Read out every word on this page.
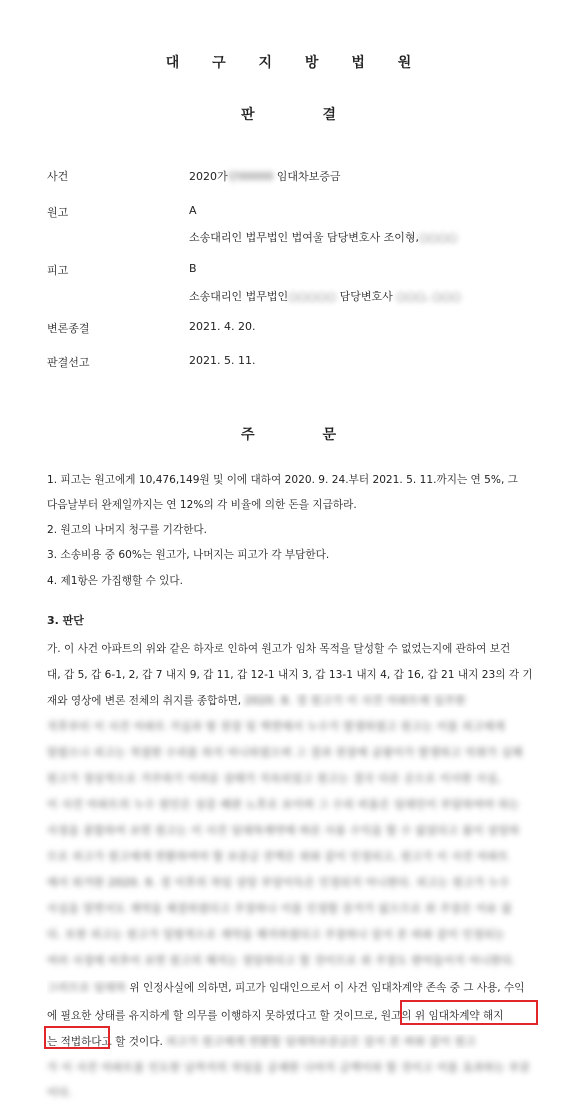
대 구 지 방 법 원
판	결
사건	2020가단00000 임대차보증금
원고	A
소송대리인 법무법인 법여울 담당변호사 조이형,○○○○
피고	B
소송대리인 법무법인○○○○○ 담당변호사 ○○○, ○○○
변론종결	2021. 4. 20.
판결선고	2021. 5. 11.
주	문
1. 피고는 원고에게 10,476,149원 및 이에 대하여 2020. 9. 24.부터 2021. 5. 11.까지는 연 5%, 그
다음날부터 완제일까지는 연 12%의 각 비율에 의한 돈을 지급하라.
2. 원고의 나머지 청구를 기각한다.
3. 소송비용 중 60%는 원고가, 나머지는 피고가 각 부담한다.
4. 제1항은 가집행할 수 있다.
3. 판단
가. 이 사건 아파트의 위와 같은 하자로 인하여 원고가 임차 목적을 달성할 수 없었는지에 관하여 보건
대, 갑 5, 갑 6-1, 2, 갑 7 내지 9, 갑 11, 갑 12-1 내지 3, 갑 13-1 내지 4, 갑 16, 갑 21 내지 23의 각 기
재와 영상에 변론 전체의 취지를 종합하면, 2020. 8. 경 원고가 이 사건 아파트에 입주한
직후부터 이 사건 아파트 거실과 방 천장 및 벽면에서 누수가 발생하였고 원고는 이를 피고에게
알렸으나 피고는 적절한 수리를 하지 아니하였으며 그 결과 천장에 곰팡이가 발생하고 악취가 심해
원고가 정상적으로 거주하기 어려운 상태가 지속되었고 원고는 결국 다른 곳으로 이사한 사실,
이 사건 아파트의 누수 원인은 상층 배관 노후로 보이며 그 수리 비용은 임대인이 부담하여야 하는
사정을 종합하여 보면 원고는 이 사건 임대차계약에 따른 사용 수익을 할 수 없었다고 봄이 상당하
므로 피고가 원고에게 반환하여야 할 보증금 잔액은 위와 같이 인정되고, 원고가 이 사건 아파트
에서 퇴거한 2020. 9. 경 이후의 차임 상당 부당이득은 인정되지 아니한다. 피고는 원고가 누수
사실을 알면서도 계약을 체결하였다고 주장하나 이를 인정할 증거가 없으므로 위 주장은 이유 없
다. 또한 피고는 원고가 일방적으로 계약을 해지하였다고 주장하나 앞서 본 바와 같이 인정되는
여러 사정에 비추어 보면 원고의 해지는 정당하다고 할 것이므로 위 주장도 받아들이지 아니한다.
그러므로 임대차 위 인정사실에 의하면, 피고가 임대인으로서 이 사건 임대차계약 존속 중 그 사용, 수익
에 필요한 상태를 유지하게 할 의무를 이행하지 못하였다고 할 것이므로, 원고의 위 임대차계약 해지
는 적법하다고 할 것이다. 피고가 원고에게 반환할 임대차보증금은 앞서 본 바와 같이 원고
가 이 사건 아파트를 인도한 날까지의 차임을 공제한 나머지 금액이라 할 것이고 이를 초과하는 부분
이다.
